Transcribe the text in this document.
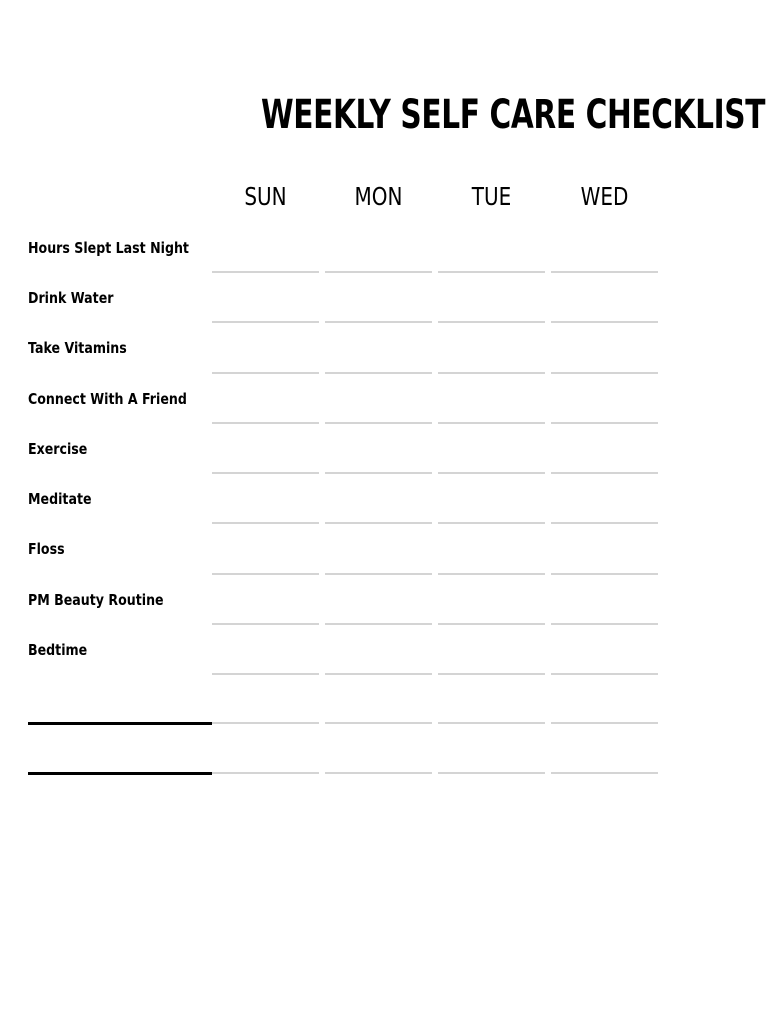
WEEKLY SELF CARE CHECKLIST
SUN	MON	TUE	WED
Hours Slept Last Night
Drink Water
Take Vitamins
Connect With A Friend
Exercise
Meditate
Floss
PM Beauty Routine
Bedtime
